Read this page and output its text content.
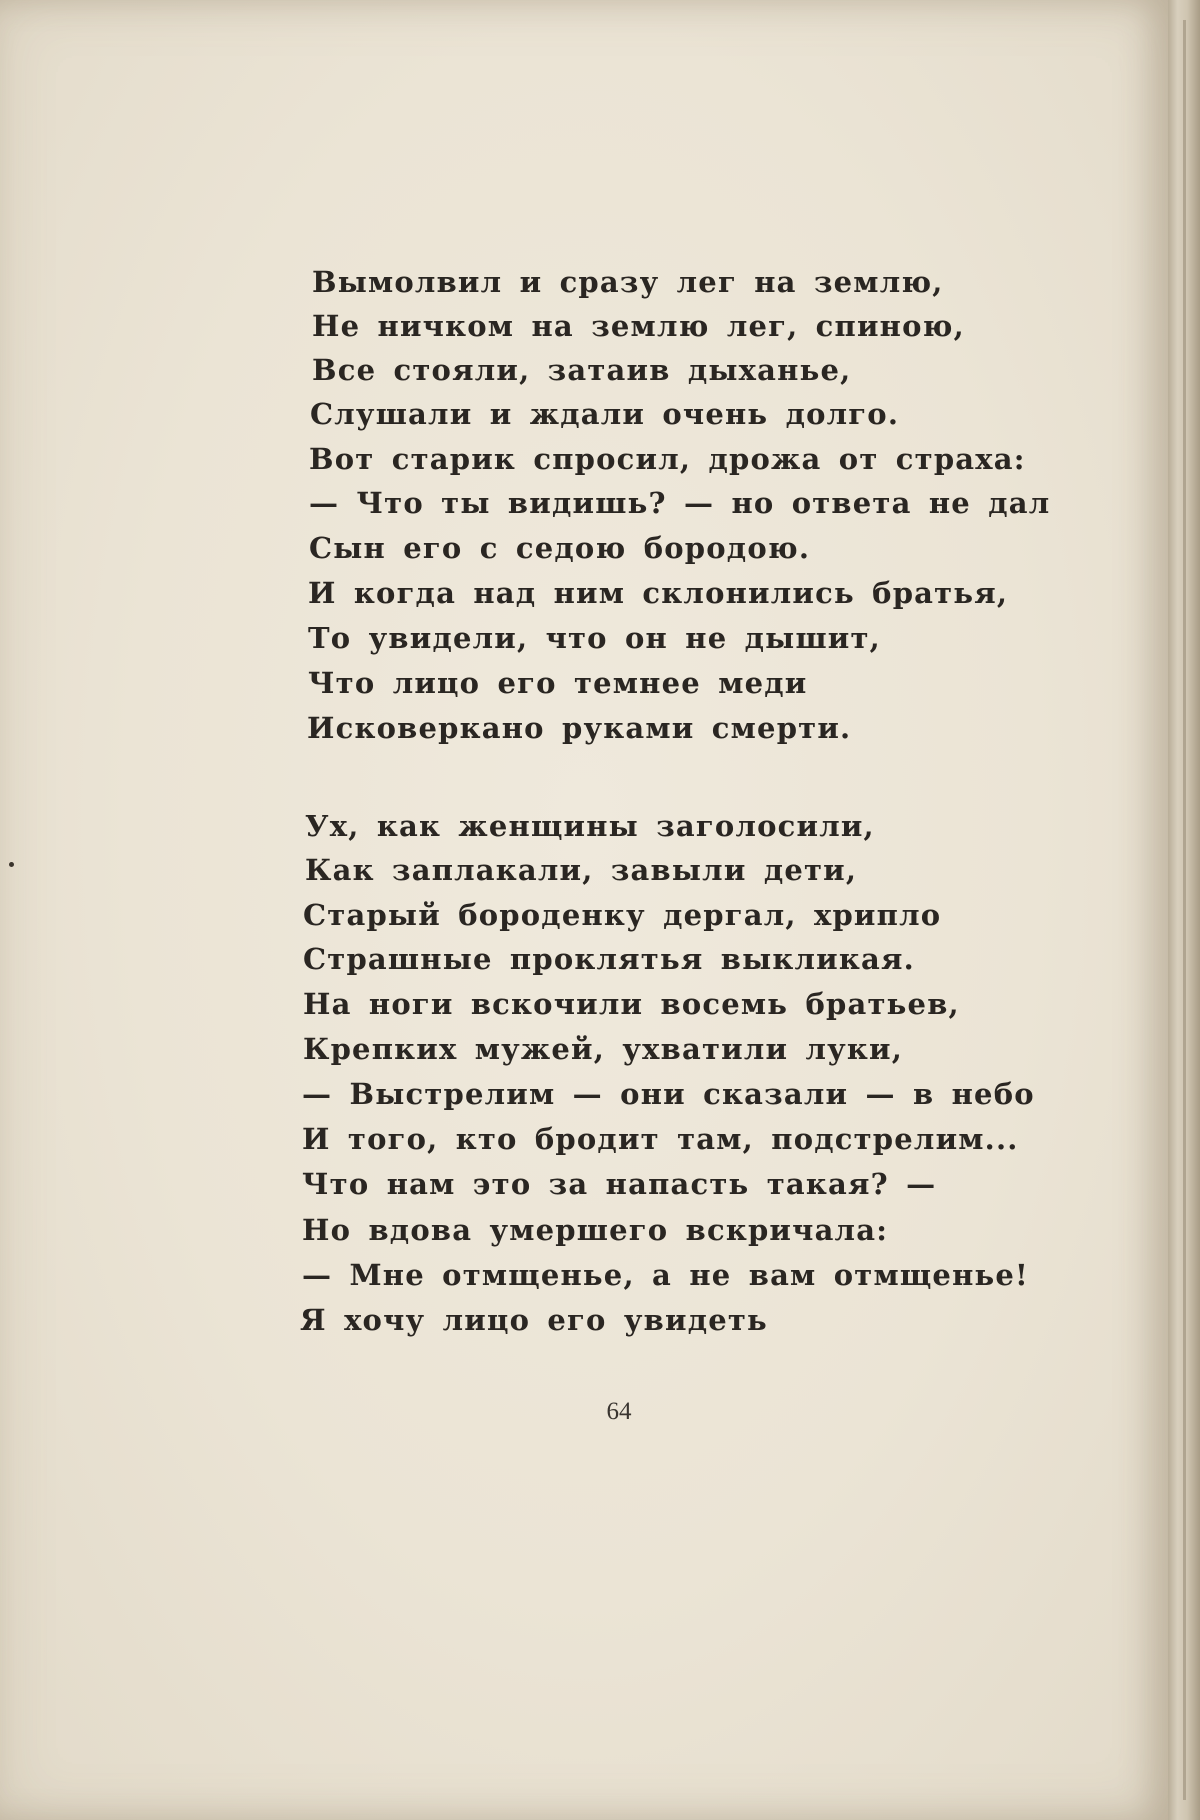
Вымолвил и сразу лег на землю,
Не ничком на землю лег, спиною,
Все стояли, затаив дыханье,
Слушали и ждали очень долго.
Вот старик спросил, дрожа от страха:
— Что ты видишь? — но ответа не дал
Сын его с седою бородою.
И когда над ним склонились братья,
То увидели, что он не дышит,
Что лицо его темнее меди
Исковеркано руками смерти.
Ух, как женщины заголосили,
Как заплакали, завыли дети,
Старый бороденку дергал, хрипло
Страшные проклятья выкликая.
На ноги вскочили восемь братьев,
Крепких мужей, ухватили луки,
— Выстрелим — они сказали — в небо
И того, кто бродит там, подстрелим...
Что нам это за напасть такая? —
Но вдова умершего вскричала:
— Мне отмщенье, а не вам отмщенье!
Я хочу лицо его увидеть
64
